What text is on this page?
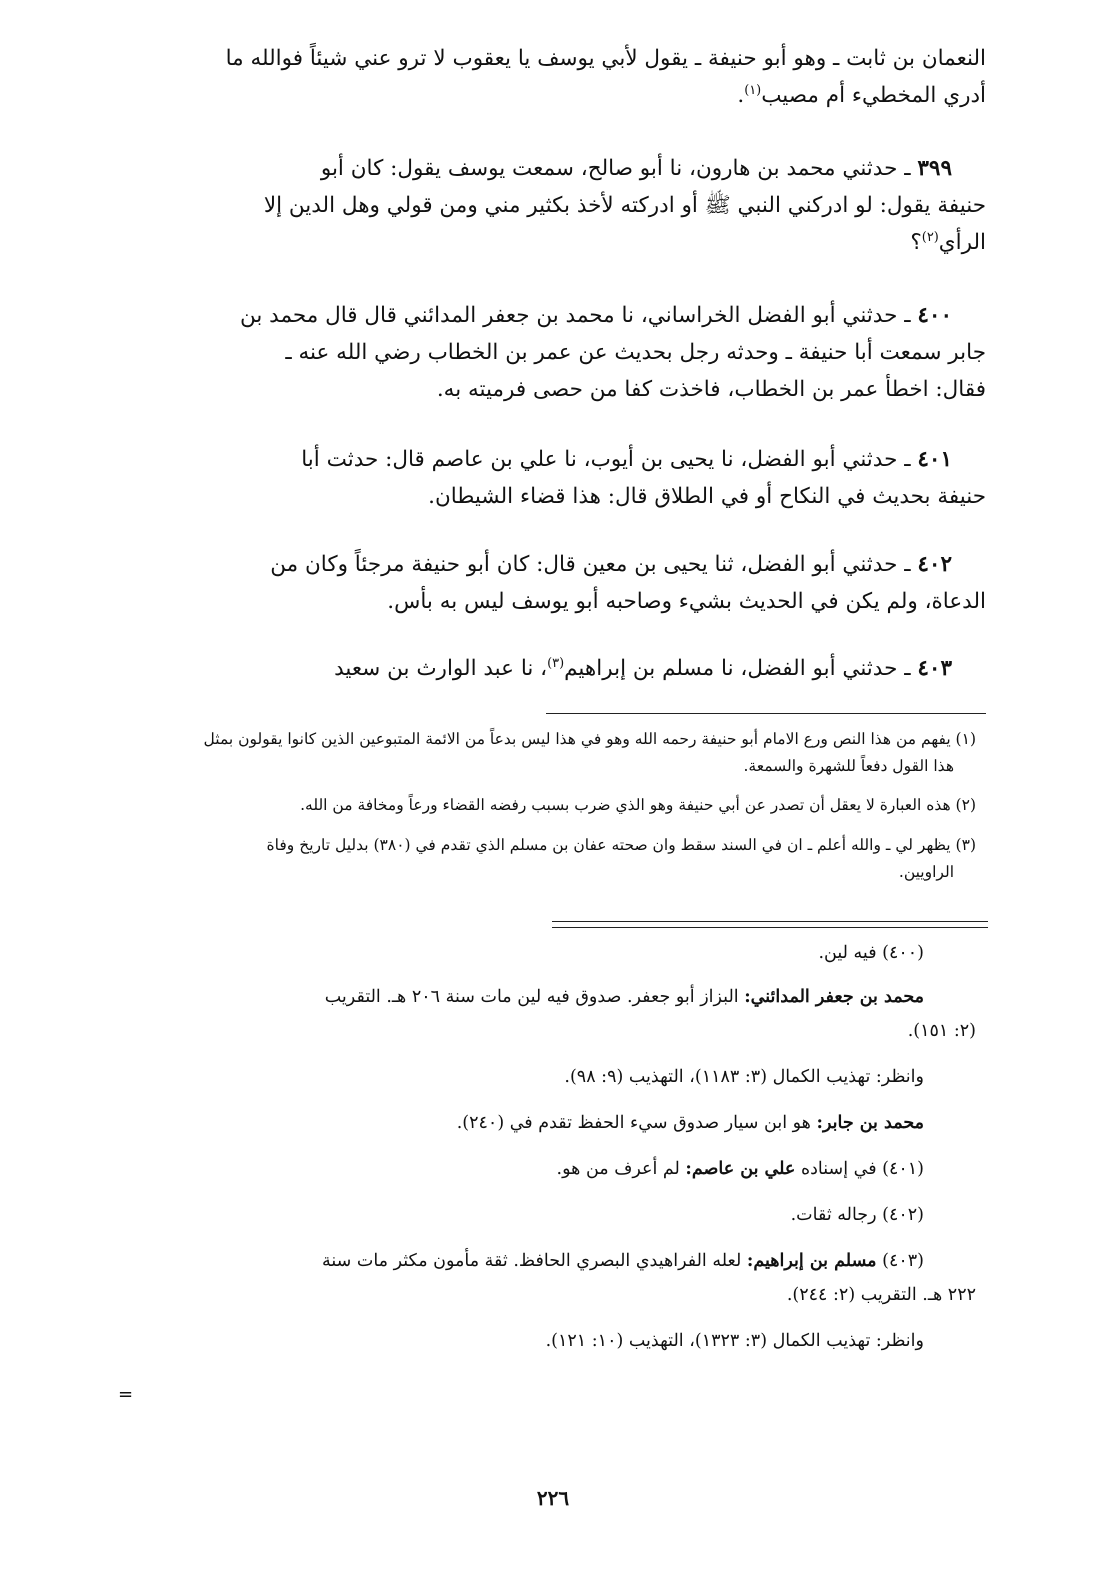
النعمان بن ثابت ـ وهو أبو حنيفة ـ يقول لأبي يوسف يا يعقوب لا ترو عني شيئاً فوالله ما

أدري المخطيء أم مصيب$^{(١)}$.

٣٩٩ ـ حدثني محمد بن هارون، نا أبو صالح، سمعت يوسف يقول: كان أبو

حنيفة يقول: لو ادركني النبي ﷺ أو ادركته لأخذ بكثير مني ومن قولي وهل الدين إلا

الرأي$^{(٢)}$؟

٤٠٠ ـ حدثني أبو الفضل الخراساني، نا محمد بن جعفر المدائني قال قال محمد بن

جابر سمعت أبا حنيفة ـ وحدثه رجل بحديث عن عمر بن الخطاب رضي الله عنه ـ

فقال: اخطأ عمر بن الخطاب، فاخذت كفا من حصى فرميته به.

٤٠١ ـ حدثني أبو الفضل، نا يحيى بن أيوب، نا علي بن عاصم قال: حدثت أبا

حنيفة بحديث في النكاح أو في الطلاق قال: هذا قضاء الشيطان.

٤٠٢ ـ حدثني أبو الفضل، ثنا يحيى بن معين قال: كان أبو حنيفة مرجئاً وكان من

الدعاة، ولم يكن في الحديث بشيء وصاحبه أبو يوسف ليس به بأس.

٤٠٣ ـ حدثني أبو الفضل، نا مسلم بن إبراهيم$^{(٣)}$، نا عبد الوارث بن سعيد

(١) يفهم من هذا النص ورع الامام أبو حنيفة رحمه الله وهو في هذا ليس بدعاً من الائمة المتبوعين الذين كانوا يقولون بمثل

هذا القول دفعاً للشهرة والسمعة.

(٢) هذه العبارة لا يعقل أن تصدر عن أبي حنيفة وهو الذي ضرب بسبب رفضه القضاء ورعاً ومخافة من الله.

(٣) يظهر لي ـ والله أعلم ـ ان في السند سقط وان صحته عفان بن مسلم الذي تقدم في (٣٨٠) بدليل تاريخ وفاة

الراويين.

(٤٠٠) فيه لين.

محمد بن جعفر المدائني: البزاز أبو جعفر. صدوق فيه لين مات سنة ٢٠٦ هـ. التقريب

(٢: ١٥١).

وانظر: تهذيب الكمال (٣: ١١٨٣)، التهذيب (٩: ٩٨).

محمد بن جابر: هو ابن سيار صدوق سيء الحفظ تقدم في (٢٤٠).

(٤٠١) في إسناده علي بن عاصم: لم أعرف من هو.

(٤٠٢) رجاله ثقات.

(٤٠٣) مسلم بن إبراهيم: لعله الفراهيدي البصري الحافظ. ثقة مأمون مكثر مات سنة

٢٢٢ هـ. التقريب (٢: ٢٤٤).

وانظر: تهذيب الكمال (٣: ١٣٢٣)، التهذيب (١٠: ١٢١).

=
٢٢٦
